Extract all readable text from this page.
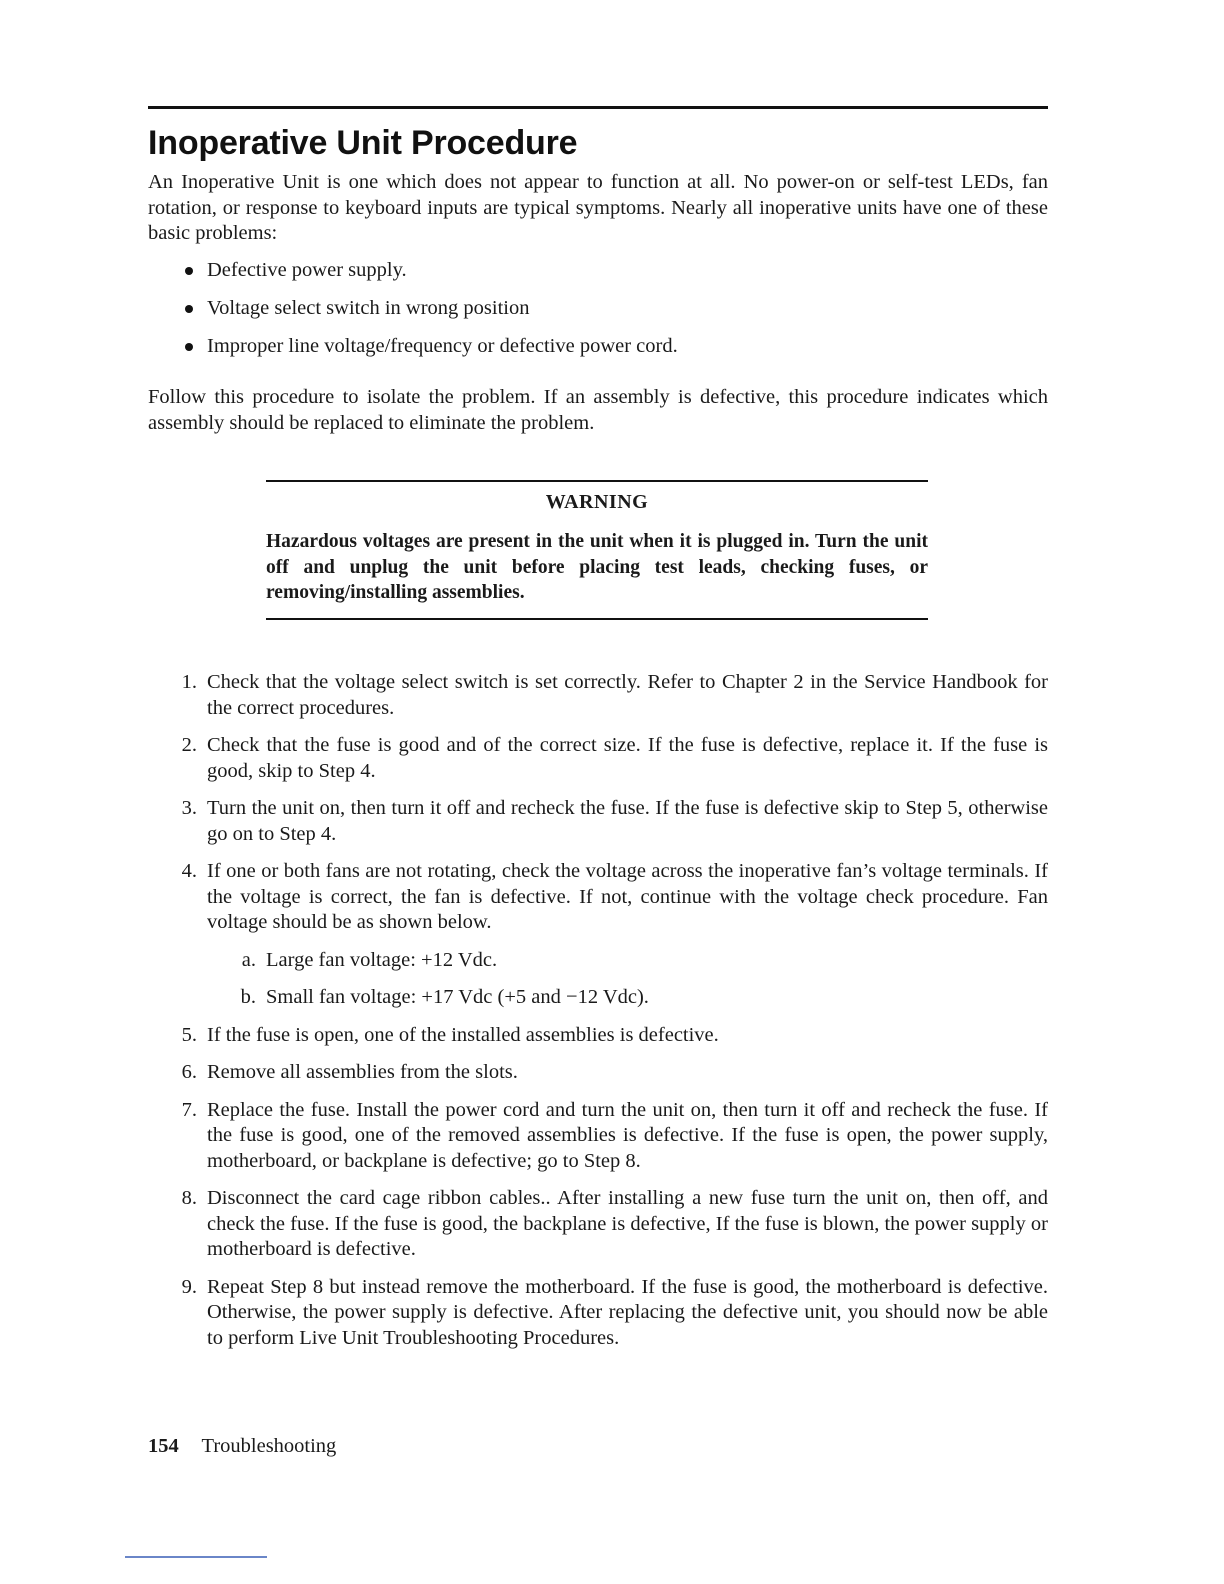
Inoperative Unit Procedure

An Inoperative Unit is one which does not appear to function at all. No power-on or self-test LEDs, fan rotation, or response to keyboard inputs are typical symptoms. Nearly all inoperative units have one of these basic problems:

Defective power supply.
Voltage select switch in wrong position
Improper line voltage/frequency or defective power cord.

Follow this procedure to isolate the problem. If an assembly is defective, this procedure indicates which assembly should be replaced to eliminate the problem.

WARNING
Hazardous voltages are present in the unit when it is plugged in. Turn the unit off and unplug the unit before placing test leads, checking fuses, or removing/installing assemblies.
1. Check that the voltage select switch is set correctly. Refer to Chapter 2 in the Service Handbook for the correct procedures.
2. Check that the fuse is good and of the correct size. If the fuse is defective, replace it. If the fuse is good, skip to Step 4.
3. Turn the unit on, then turn it off and recheck the fuse. If the fuse is defective skip to Step 5, otherwise go on to Step 4.
4. If one or both fans are not rotating, check the voltage across the inoperative fan’s voltage terminals. If the voltage is correct, the fan is defective. If not, continue with the voltage check procedure. Fan voltage should be as shown below.
a. Large fan voltage: +12 Vdc.
b. Small fan voltage: +17 Vdc (+5 and −12 Vdc).
5. If the fuse is open, one of the installed assemblies is defective.
6. Remove all assemblies from the slots.
7. Replace the fuse. Install the power cord and turn the unit on, then turn it off and recheck the fuse. If the fuse is good, one of the removed assemblies is defective. If the fuse is open, the power supply, motherboard, or backplane is defective; go to Step 8.
8. Disconnect the card cage ribbon cables.. After installing a new fuse turn the unit on, then off, and check the fuse. If the fuse is good, the backplane is defective, If the fuse is blown, the power supply or motherboard is defective.
9. Repeat Step 8 but instead remove the motherboard. If the fuse is good, the motherboard is defective. Otherwise, the power supply is defective. After replacing the defective unit, you should now be able to perform Live Unit Troubleshooting Procedures.
154 Troubleshooting
